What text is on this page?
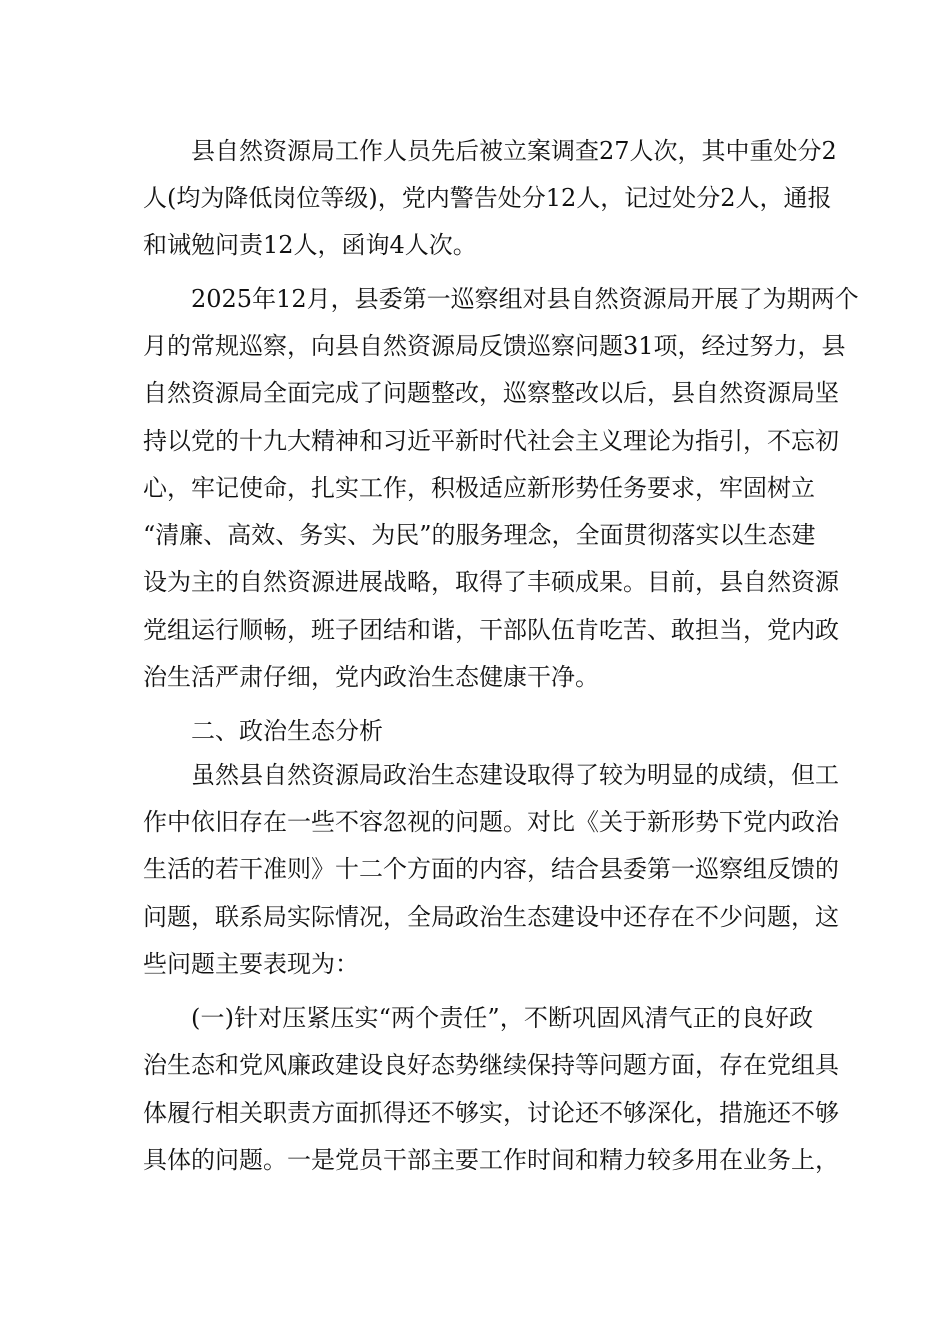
县自然资源局工作人员先后被立案调查27人次，其中重处分2
人(均为降低岗位等级)，党内警告处分12人，记过处分2人，通报
和诫勉问责12人，函询4人次。
2025年12月，县委第一巡察组对县自然资源局开展了为期两个
月的常规巡察，向县自然资源局反馈巡察问题31项，经过努力，县
自然资源局全面完成了问题整改，巡察整改以后，县自然资源局坚
持以党的十九大精神和习近平新时代社会主义理论为指引，不忘初
心，牢记使命，扎实工作，积极适应新形势任务要求，牢固树立
“清廉、高效、务实、为民”的服务理念，全面贯彻落实以生态建
设为主的自然资源进展战略，取得了丰硕成果。目前，县自然资源
党组运行顺畅，班子团结和谐，干部队伍肯吃苦、敢担当，党内政
治生活严肃仔细，党内政治生态健康干净。
二、政治生态分析
虽然县自然资源局政治生态建设取得了较为明显的成绩，但工
作中依旧存在一些不容忽视的问题。对比《关于新形势下党内政治
生活的若干准则》十二个方面的内容，结合县委第一巡察组反馈的
问题，联系局实际情况，全局政治生态建设中还存在不少问题，这
些问题主要表现为：
(一)针对压紧压实“两个责任”，不断巩固风清气正的良好政
治生态和党风廉政建设良好态势继续保持等问题方面，存在党组具
体履行相关职责方面抓得还不够实，讨论还不够深化，措施还不够
具体的问题。一是党员干部主要工作时间和精力较多用在业务上，
